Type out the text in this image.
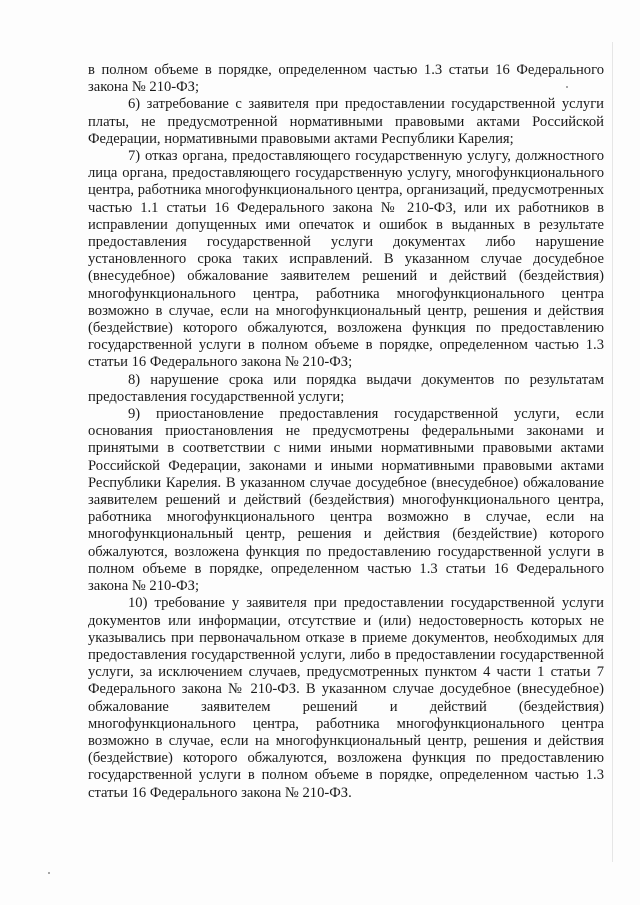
в полном объеме в порядке, определенном частью 1.3 статьи 16 Федерального закона № 210-ФЗ;

6) затребование с заявителя при предоставлении государственной услуги платы, не предусмотренной нормативными правовыми актами Российской Федерации, нормативными правовыми актами Республики Карелия;

7) отказ органа, предоставляющего государственную услугу, должностного лица органа, предоставляющего государственную услугу, многофункционального центра, работника многофункционального центра, организаций, предусмотренных частью 1.1 статьи 16 Федерального закона № 210-ФЗ, или их работников в исправлении допущенных ими опечаток и ошибок в выданных в результате предоставления государственной услуги документах либо нарушение установленного срока таких исправлений. В указанном случае досудебное (внесудебное) обжалование заявителем решений и действий (бездействия) многофункционального центра, работника многофункционального центра возможно в случае, если на многофункциональный центр, решения и действия (бездействие) которого обжалуются, возложена функция по предоставлению государственной услуги в полном объеме в порядке, определенном частью 1.3 статьи 16 Федерального закона № 210-ФЗ;

8) нарушение срока или порядка выдачи документов по результатам предоставления государственной услуги;

9) приостановление предоставления государственной услуги, если основания приостановления не предусмотрены федеральными законами и принятыми в соответствии с ними иными нормативными правовыми актами Российской Федерации, законами и иными нормативными правовыми актами Республики Карелия. В указанном случае досудебное (внесудебное) обжалование заявителем решений и действий (бездействия) многофункционального центра, работника многофункционального центра возможно в случае, если на многофункциональный центр, решения и действия (бездействие) которого обжалуются, возложена функция по предоставлению государственной услуги в полном объеме в порядке, определенном частью 1.3 статьи 16 Федерального закона № 210-ФЗ;

10) требование у заявителя при предоставлении государственной услуги документов или информации, отсутствие и (или) недостоверность которых не указывались при первоначальном отказе в приеме документов, необходимых для предоставления государственной услуги, либо в предоставлении государственной услуги, за исключением случаев, предусмотренных пунктом 4 части 1 статьи 7 Федерального закона № 210-ФЗ. В указанном случае досудебное (внесудебное) обжалование заявителем решений и действий (бездействия) многофункционального центра, работника многофункционального центра возможно в случае, если на многофункциональный центр, решения и действия (бездействие) которого обжалуются, возложена функция по предоставлению государственной услуги в полном объеме в порядке, определенном частью 1.3 статьи 16 Федерального закона № 210-ФЗ.
